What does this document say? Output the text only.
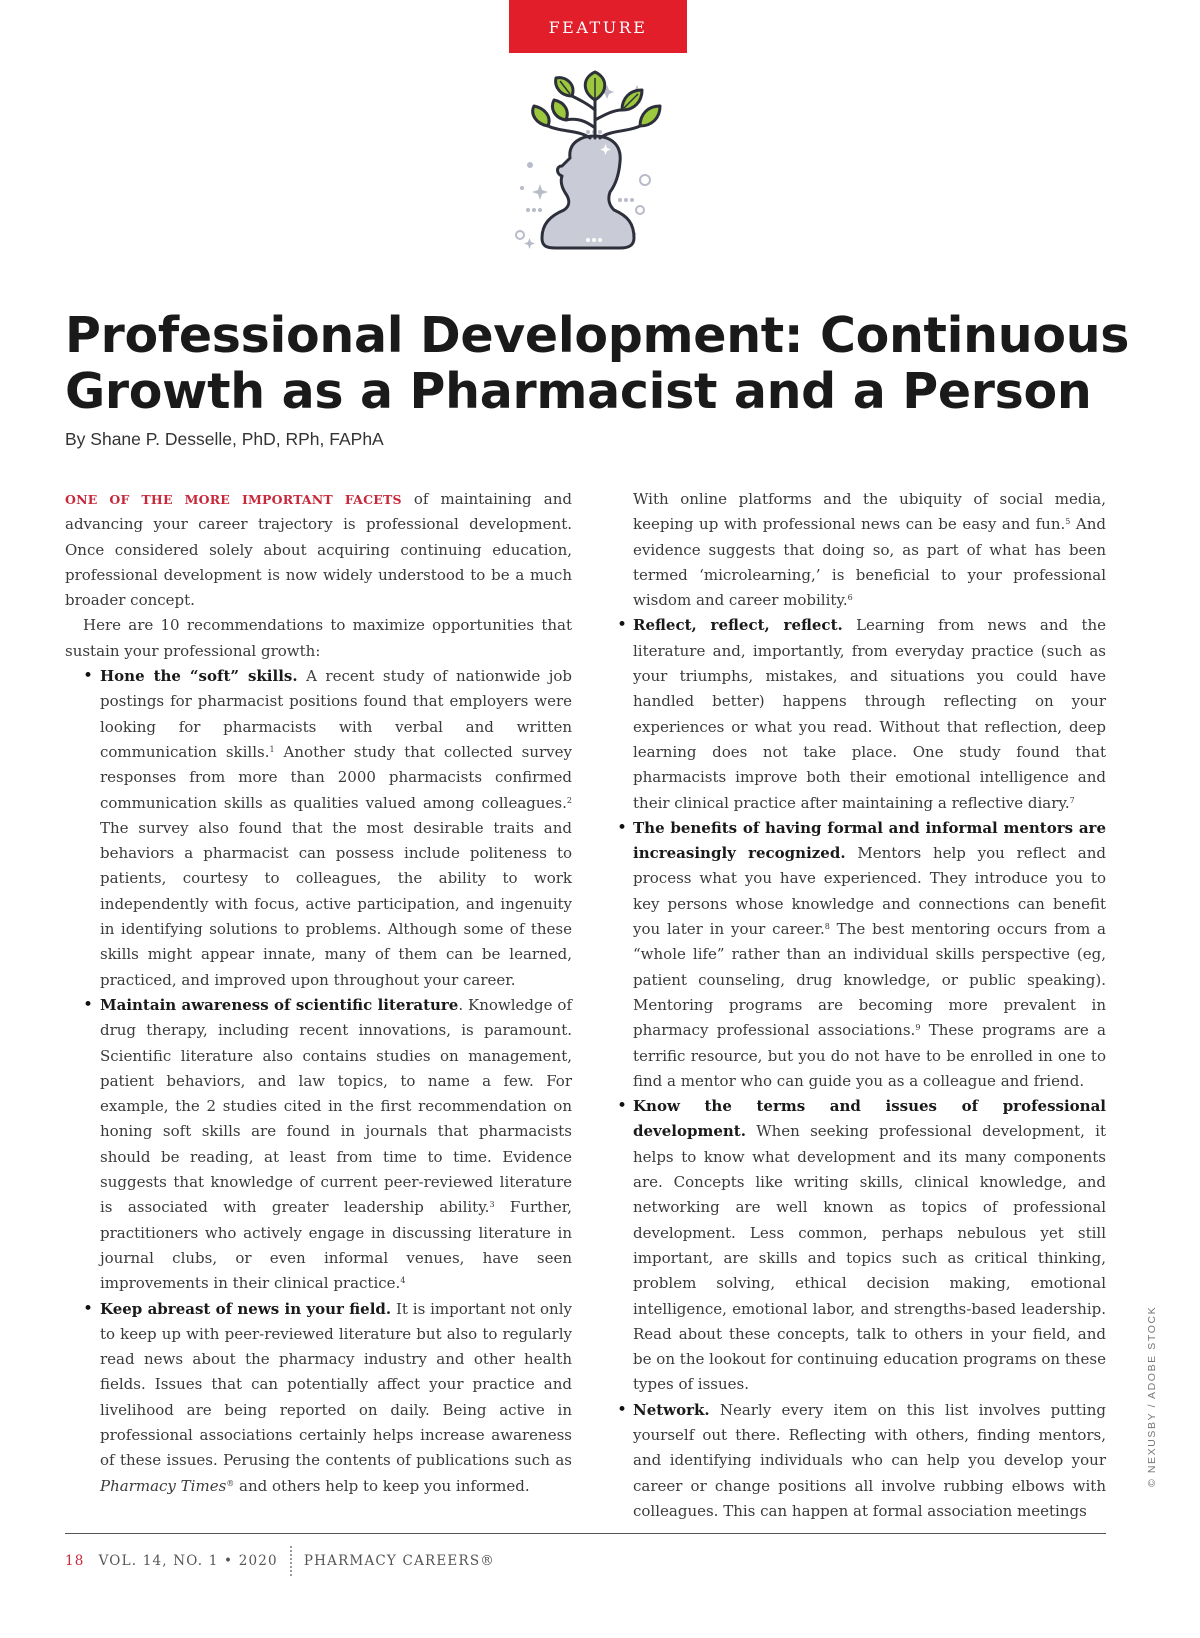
FEATURE
Professional Development: Continuous
Growth as a Pharmacist and a Person
By Shane P. Desselle, PhD, RPh, FAPhA

ONE OF THE MORE IMPORTANT FACETS of maintaining and advancing your career trajectory is professional development. Once considered solely about acquiring continuing education, professional development is now widely understood to be a much broader concept.

Here are 10 recommendations to maximize opportunities that sustain your professional growth:

• Hone the “soft” skills. A recent study of nationwide job postings for pharmacist positions found that employers were looking for pharmacists with verbal and written communication skills.$^1$ Another study that collected survey responses from more than 2000 pharmacists confirmed communication skills as qualities valued among colleagues.$^2$ The survey also found that the most desirable traits and behaviors a pharmacist can possess include politeness to patients, courtesy to colleagues, the ability to work independently with focus, active participation, and ingenuity in identifying solutions to problems. Although some of these skills might appear innate, many of them can be learned, practiced, and improved upon throughout your career.
• Maintain awareness of scientific literature. Knowledge of drug therapy, including recent innovations, is paramount. Scientific literature also contains studies on management, patient behaviors, and law topics, to name a few. For example, the 2 studies cited in the first recommendation on honing soft skills are found in journals that pharmacists should be reading, at least from time to time. Evidence suggests that knowledge of current peer-reviewed literature is associated with greater leadership ability.$^3$ Further, practitioners who actively engage in discussing literature in journal clubs, or even informal venues, have seen improvements in their clinical practice.$^4$
• Keep abreast of news in your field. It is important not only to keep up with peer-reviewed literature but also to regularly read news about the pharmacy industry and other health fields. Issues that can potentially affect your practice and livelihood are being reported on daily. Being active in professional associations certainly helps increase awareness of these issues. Perusing the contents of publications such as Pharmacy Times® and others help to keep you informed.

With online platforms and the ubiquity of social media, keeping up with professional news can be easy and fun.$^5$ And evidence suggests that doing so, as part of what has been termed ‘microlearning,’ is beneficial to your professional wisdom and career mobility.$^6$

• Reflect, reflect, reflect. Learning from news and the literature and, importantly, from everyday practice (such as your triumphs, mistakes, and situations you could have handled better) happens through reflecting on your experiences or what you read. Without that reflection, deep learning does not take place. One study found that pharmacists improve both their emotional intelligence and their clinical practice after maintaining a reflective diary.$^7$
• The benefits of having formal and informal mentors are increasingly recognized. Mentors help you reflect and process what you have experienced. They introduce you to key persons whose knowledge and connections can benefit you later in your career.$^8$ The best mentoring occurs from a “whole life” rather than an individual skills perspective (eg, patient counseling, drug knowledge, or public speaking). Mentoring programs are becoming more prevalent in pharmacy professional associations.$^9$ These programs are a terrific resource, but you do not have to be enrolled in one to find a mentor who can guide you as a colleague and friend.
• Know the terms and issues of professional development. When seeking professional development, it helps to know what development and its many components are. Concepts like writing skills, clinical knowledge, and networking are well known as topics of professional development. Less common, perhaps nebulous yet still important, are skills and topics such as critical thinking, problem solving, ethical decision making, emotional intelligence, emotional labor, and strengths-based leadership. Read about these concepts, talk to others in your field, and be on the lookout for continuing education programs on these types of issues.
• Network. Nearly every item on this list involves putting yourself out there. Reflecting with others, finding mentors, and identifying individuals who can help you develop your career or change positions all involve rubbing elbows with colleagues. This can happen at formal association meetings
© NEXUSBY / ADOBE STOCK
18 VOL. 14, NO. 1 • 2020 PHARMACY CAREERS®
